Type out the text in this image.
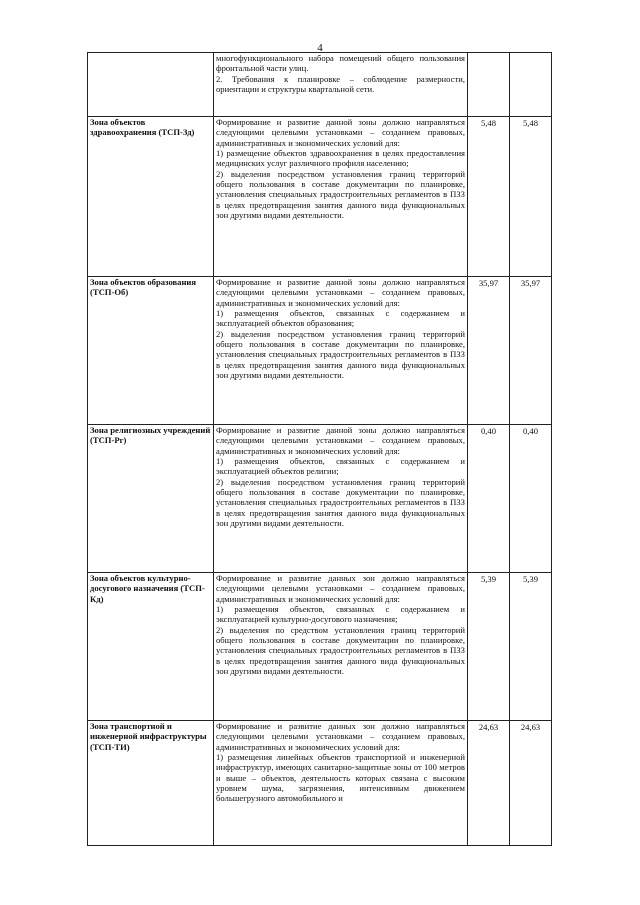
4

	многофункционального набора помещений общего пользования фронтальной части улиц.

2. Требования к планировке – соблюдение размерности, ориентации и структуры квартальной сети.		

Зона объектов здравоохранения (ТСП-Зд)	Формирование и развитие данной зоны должно направляться следующими целевыми установками – созданием правовых, административных и экономических условий для:

1) размещение объектов здравоохранения в целях предоставления медицинских услуг различного профиля населению;

2) выделения посредством установления границ территорий общего пользования в составе документации по планировке, установления специальных градостроительных регламентов в ПЗЗ в целях предотвращения занятия данного вида функциональных зон другими видами деятельности.	5,48	5,48
Зона объектов образования (ТСП-Об)	Формирование и развитие данной зоны должно направляться следующими целевыми установками – созданием правовых, административных и экономических условий для:

1) размещения объектов, связанных с содержанием и эксплуатацией объектов образования;

2) выделения посредством установления границ территорий общего пользования в составе документации по планировке, установления специальных градостроительных регламентов в ПЗЗ в целях предотвращения занятия данного вида функциональных зон другими видами деятельности.	35,97	35,97
Зона религиозных учреждений (ТСП-Рг)	Формирование и развитие данной зоны должно направляться следующими целевыми установками – созданием правовых, административных и экономических условий для:

1) размещения объектов, связанных с содержанием и эксплуатацией объектов религии;

2) выделения посредством установления границ территорий общего пользования в составе документации по планировке, установления специальных градостроительных регламентов в ПЗЗ в целях предотвращения занятия данного вида функциональных зон другими видами деятельности.	0,40	0,40
Зона объектов культурно-досугового назначения (ТСП-Кд)	Формирование и развитие данных зон должно направляться следующими целевыми установками – созданием правовых, административных и экономических условий для:

1) размещения объектов, связанных с содержанием и эксплуатацией культурно-досугового назначения;

2) выделения по средством установления границ территорий общего пользования в составе документации по планировке, установления специальных градостроительных регламентов в ПЗЗ в целях предотвращения занятия данного вида функциональных зон другими видами деятельности.	5,39	5,39
Зона транспортной и инженерной инфраструктуры (ТСП-ТИ)	Формирование и развитие данных зон должно направляться следующими целевыми установками – созданием правовых, административных и экономических условий для:

1) размещения линейных объектов транспортной и инженерной инфраструктур, имеющих санитарно-защитные зоны от 100 метров и выше – объектов, деятельность которых связана с высоким уровнем шума, загрязнения, интенсивным движением большегрузного автомобильного и	24,63	24,63
